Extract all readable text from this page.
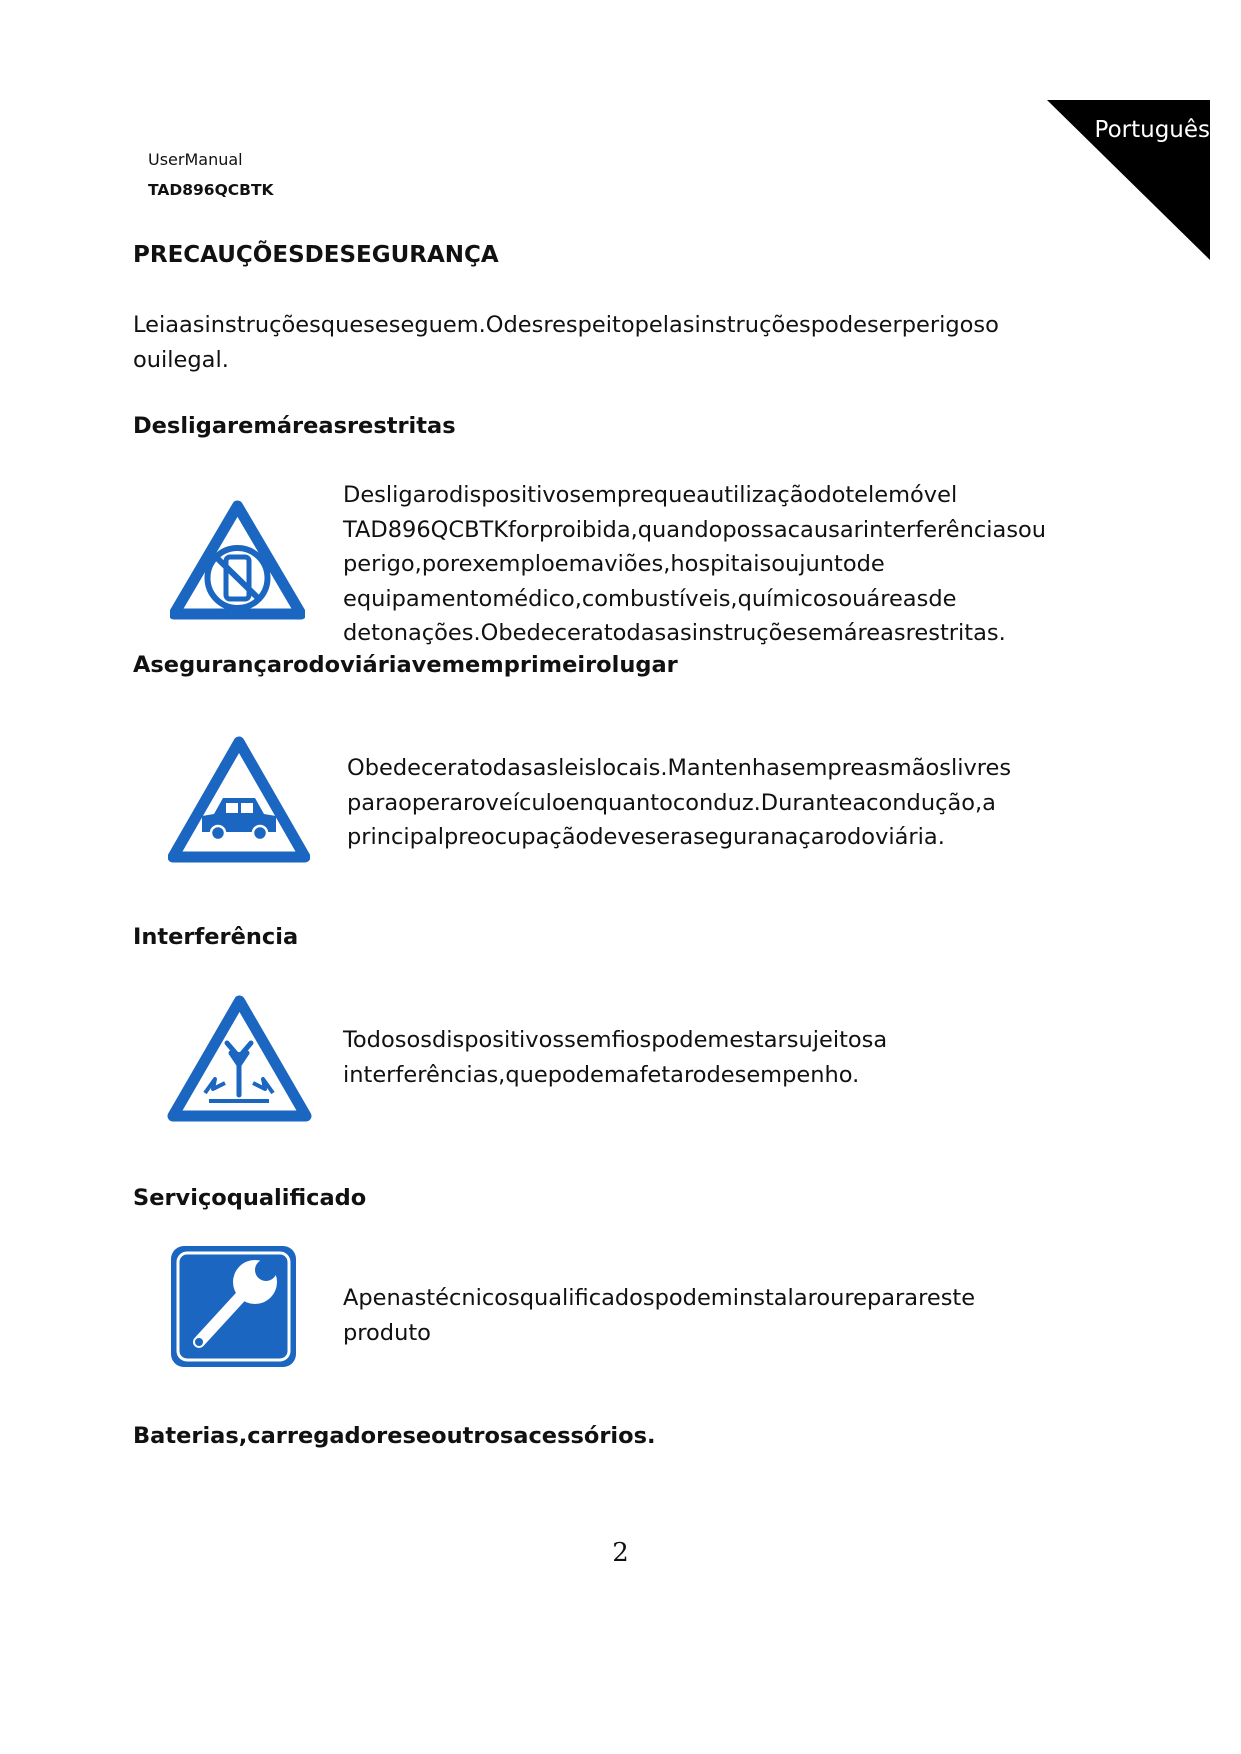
Português

UserManual

TAD896QCBTK

PRECAUÇÕESDESEGURANÇA

Leiaasinstruçõesqueseseguem.Odesrespeitopelasinstruçõespodeserperigoso
ouilegal.

Desligaremáreasrestritas

Desligarodispositivosemprequeautilizaçãodotelemóvel
TAD896QCBTKforproibida,quandopossacausarinterferênciasou
perigo,porexemploemaviões,hospitaisoujuntode
equipamentomédico,combustíveis,químicosouáreasde
detonações.Obedeceratodasasinstruçõesemáreasrestritas.

Asegurançarodoviáriavememprimeirolugar

Obedeceratodasasleislocais.Mantenhasempreasmãoslivres
paraoperaroveículoenquantoconduz.Duranteacondução,a
principalpreocupaçãodeveseraseguranaçarodoviária.

Interferência

Todososdispositivossemfiospodemestarsujeitosa
interferências,quepodemafetarodesempenho.

Serviçoqualificado

Apenastécnicosqualificadospodeminstalaroureparareste
produto

Baterias,carregadoreseoutrosacessórios.

2
